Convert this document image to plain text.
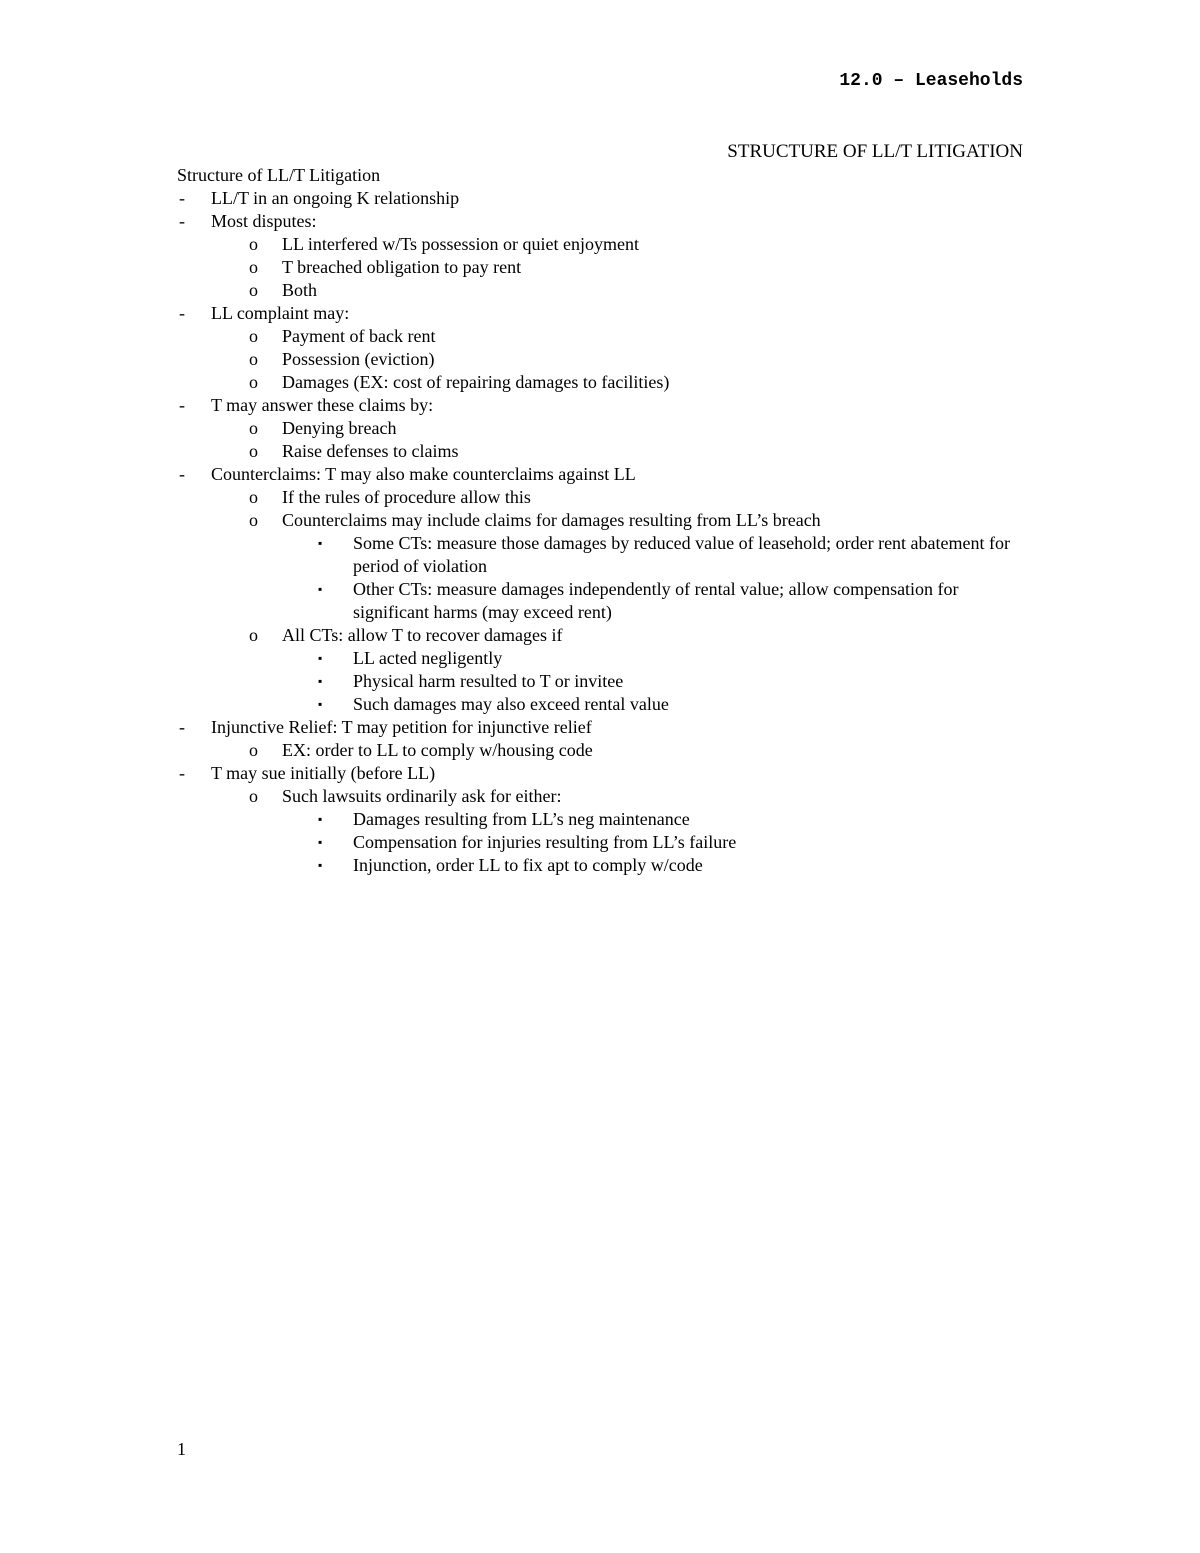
12.0 – Leaseholds
STRUCTURE OF LL/T LITIGATION
Structure of LL/T Litigation
- LL/T in an ongoing K relationship
- Most disputes:
o LL interfered w/Ts possession or quiet enjoyment
o T breached obligation to pay rent
o Both
- LL complaint may:
o Payment of back rent
o Possession (eviction)
o Damages (EX: cost of repairing damages to facilities)
- T may answer these claims by:
o Denying breach
o Raise defenses to claims
- Counterclaims: T may also make counterclaims against LL
o If the rules of procedure allow this
o Counterclaims may include claims for damages resulting from LL’s breach
▪ Some CTs: measure those damages by reduced value of leasehold; order rent abatement for period of violation
▪ Other CTs: measure damages independently of rental value; allow compensation for significant harms (may exceed rent)
o All CTs: allow T to recover damages if
▪ LL acted negligently
▪ Physical harm resulted to T or invitee
▪ Such damages may also exceed rental value
- Injunctive Relief: T may petition for injunctive relief
o EX: order to LL to comply w/housing code
- T may sue initially (before LL)
o Such lawsuits ordinarily ask for either:
▪ Damages resulting from LL’s neg maintenance
▪ Compensation for injuries resulting from LL’s failure
▪ Injunction, order LL to fix apt to comply w/code
1
